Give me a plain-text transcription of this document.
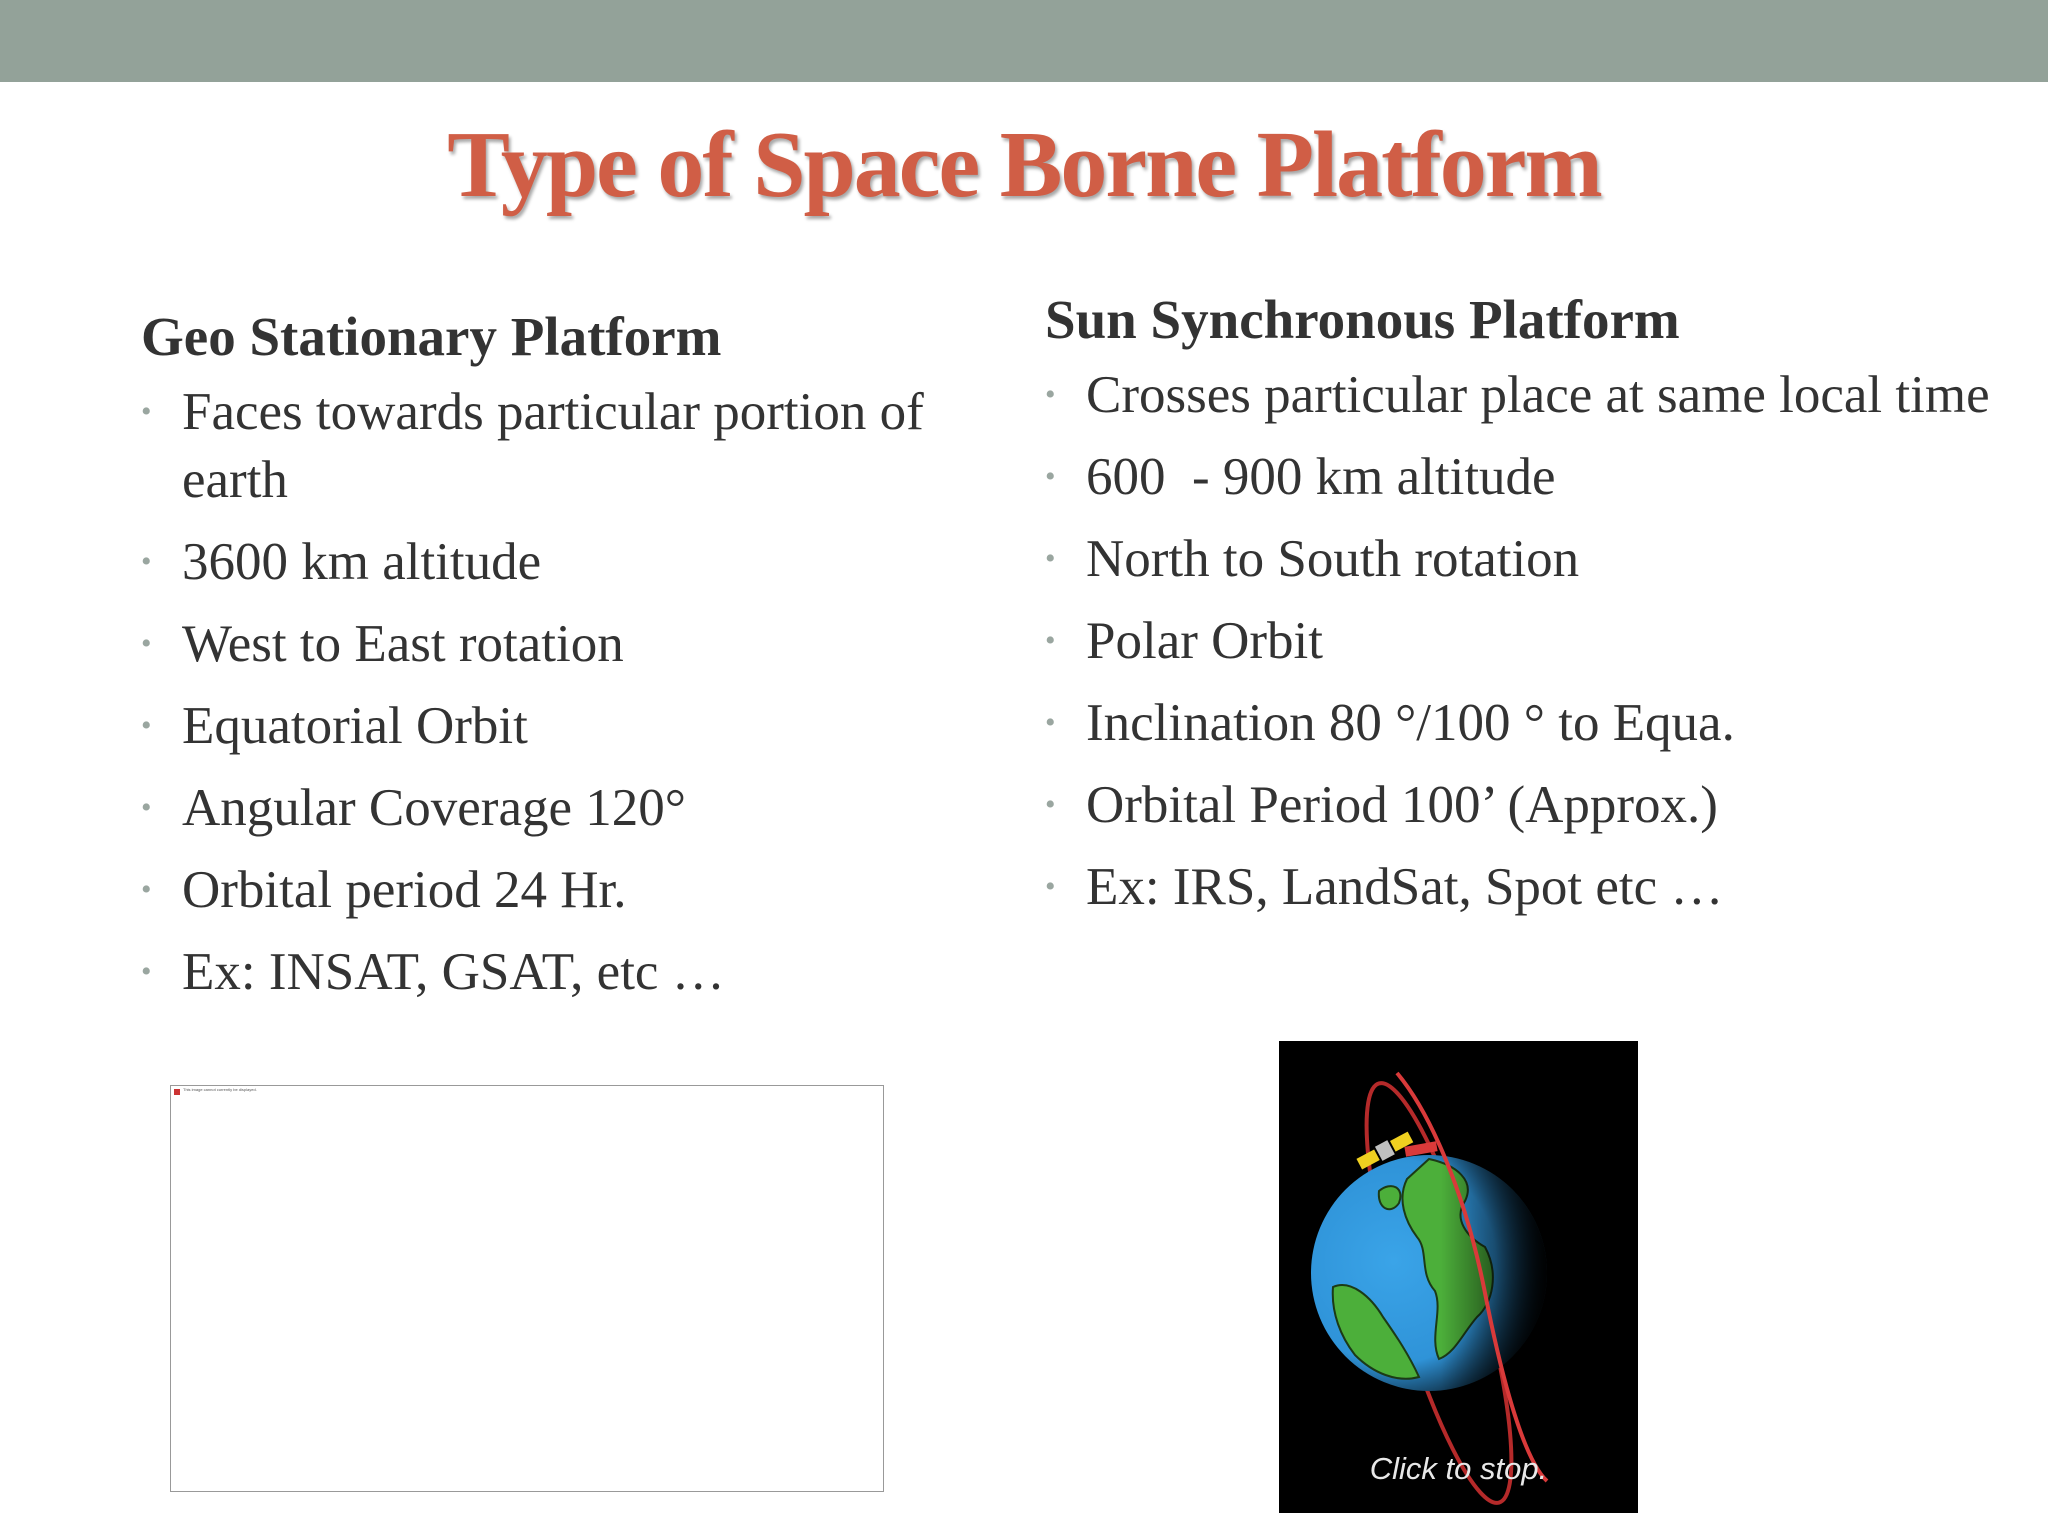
Type of Space Borne Platform
Geo Stationary Platform
• Faces towards particular portion of earth
• 3600 km altitude
• West to East rotation
• Equatorial Orbit
• Angular Coverage 120°
• Orbital period 24 Hr.
• Ex: INSAT, GSAT, etc …
Sun Synchronous Platform
• Crosses particular place at same local time
• 600  - 900 km altitude
• North to South rotation
• Polar Orbit
• Inclination 80 °/100 ° to Equa.
• Orbital Period 100’ (Approx.)
• Ex: IRS, LandSat, Spot etc …
This image cannot currently be displayed.
Click to stop.
